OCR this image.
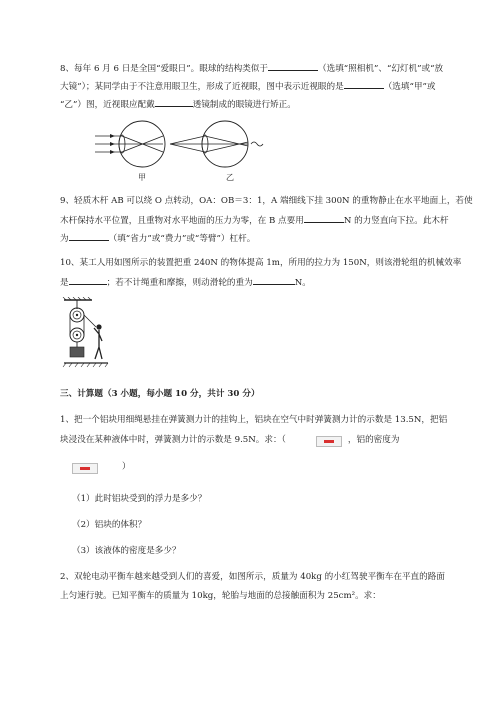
8、每年 6 月 6 日是全国“爱眼日”。眼球的结构类似于	（选填“照相机”、“幻灯机”或“放
大镜”）；某同学由于不注意用眼卫生，形成了近视眼，图中表示近视眼的是	（选填“甲”或
“乙”）图，近视眼应配戴	透镜制成的眼镜进行矫正。
甲	乙
9、轻质木杆 AB 可以绕 O 点转动，OA：OB＝3：1，A 端细线下挂 300N 的重物静止在水平地面上，若使
木杆保持水平位置，且重物对水平地面的压力为零，在 B 点要用	N 的力竖直向下拉。此木杆
为	（填“省力”或“费力”或“等臂”）杠杆。
10、某工人用如图所示的装置把重 240N 的物体提高 1m，所用的拉力为 150N，则该滑轮组的机械效率
是	；若不计绳重和摩擦，则动滑轮的重为	N。
三、计算题（3 小题，每小题 10 分，共计 30 分）
1、把一个铝块用细绳悬挂在弹簧测力计的挂钩上，铝块在空气中时弹簧测力计的示数是 13.5N，把铝
块浸没在某种液体中时，弹簧测力计的示数是 9.5N。求：（	，铝的密度为
）
（1）此时铝块受到的浮力是多少？
（2）铝块的体积？
（3）该液体的密度是多少？
2、双轮电动平衡车越来越受到人们的喜爱，如图所示，质量为 40kg 的小红驾驶平衡车在平直的路面
上匀速行驶。已知平衡车的质量为 10kg，轮胎与地面的总接触面积为 25cm²。求：
